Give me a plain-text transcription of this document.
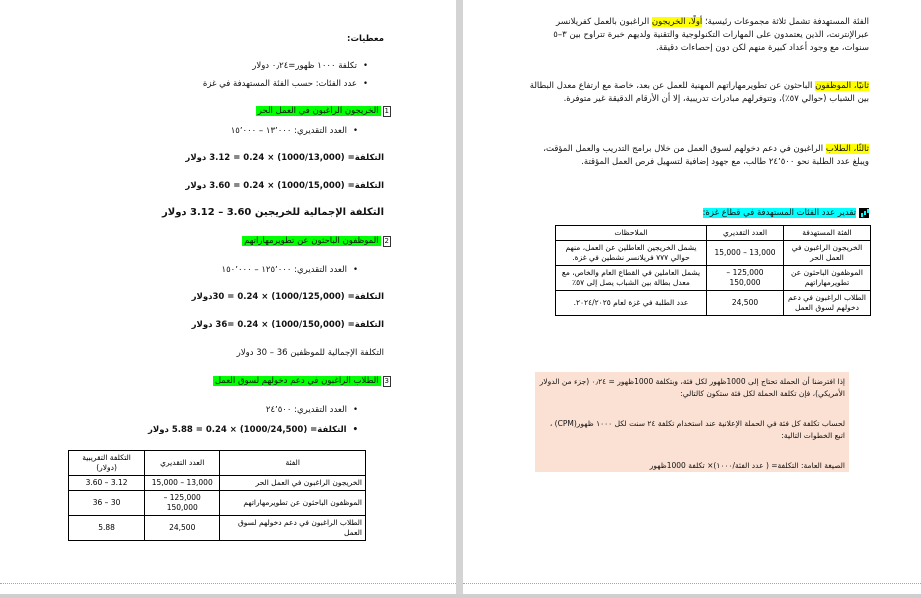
معطيات:
• تكلفة ١٠٠٠ ظهور=٠٫٢٤ دولار
• عدد الفئات: حسب الفئة المستهدفة في غزة
1الخريجون الراغبون في العمل الحر
• العدد التقديري: ١٣٬٠٠٠ – ١٥٬٠٠٠
التكلفة= (1000/13,000) × 0.24 = 3.12 دولار
التكلفة= (1000/15,000) × 0.24 = 3.60 دولار
التكلفة الإجمالية للخريجين 3.60 – 3.12 دولار
2الموظفون الباحثون عن تطويرمهاراتهم
• العدد التقديري: ١٢٥٬٠٠٠ – ١٥٠٬٠٠٠
التكلفة= (1000/125,000) × 0.24 = 30دولار
التكلفة= (1000/150,000) × 0.24 =36 دولار
التكلفة الإجمالية للموظفين 36 – 30 دولار
3الطلاب الراغبون في دعم دخولهم لسوق العمل
• العدد التقديري: ٢٤٬٥٠٠
• التكلفة= (1000/24,500) × 0.24 = 5.88 دولار
الفئة	العدد التقديري	التكلفة التقريبية (دولار)
الخريجون الراغبون في العمل الحر	13,000 – 15,000	3.12 – 3.60
الموظفون الباحثون عن تطويرمهاراتهم	125,000 – 150,000	30 – 36
الطلاب الراغبون في دعم دخولهم لسوق العمل	24,500	5.88
الفئة المستهدفة تشمل ثلاثة مجموعات رئيسية؛ أولًا، الخريجون الراغبون بالعمل كفريلانسر عبرالإنترنت، الذين يعتمدون على المهارات التكنولوجية والتقنية ولديهم خبرة تتراوح بين ٣–٥ سنوات، مع وجود أعداد كبيرة منهم لكن دون إحصاءات دقيقة.
ثانيًا، الموظفون الباحثون عن تطويرمهاراتهم المهنية للعمل عن بعد، خاصة مع ارتفاع معدل البطالة بين الشباب (حوالي ٥٧٪)، وتتوفرلهم مبادرات تدريبية، إلا أن الأرقام الدقيقة غير متوفرة.
ثالثًا، الطلاب الراغبون في دعم دخولهم لسوق العمل من خلال برامج التدريب والعمل المؤقت، ويبلغ عدد الطلبة نحو ٢٤٬٥٠٠ طالب، مع جهود إضافية لتسهيل فرص العمل المؤقتة.
تقدير عدد الفئات المستهدفة في قطاع غزة:
الفئة المستهدفة	العدد التقديري	الملاحظات
الخريجون الراغبون في العمل الحر	13,000 – 15,000	يشمل الخريجين العاطلين عن العمل، منهم حوالي ٧٧٧ فريلانسر نشطين في غزة.
الموظفون الباحثون عن تطويرمهاراتهم	125,000 – 150,000	يشمل العاملين في القطاع العام والخاص، مع معدل بطالة بين الشباب يصل إلى ٥٧٪
الطلاب الراغبون في دعم دخولهم لسوق العمل	24,500	عدد الطلبة في غزة لعام ٢٠٢٤/٢٠٢٥.
إذا افترضنا أن الحملة تحتاج إلى 1000ظهور لكل فئة، وبتكلفة 1000ظهور = ٠٫٢٤ (جزء من الدولار الأمريكي)، فإن تكلفة الحملة لكل فئة ستكون كالتالي:
لحساب تكلفة كل فئة في الحملة الإعلانية عند استخدام تكلفة ٢٤ سنت لكل ١٠٠٠ ظهور(CPM) ، اتبع الخطوات التالية:
الصيغة العامة: التكلفة= ( عدد الفئة/١٠٠٠)× تكلفة 1000ظهور
